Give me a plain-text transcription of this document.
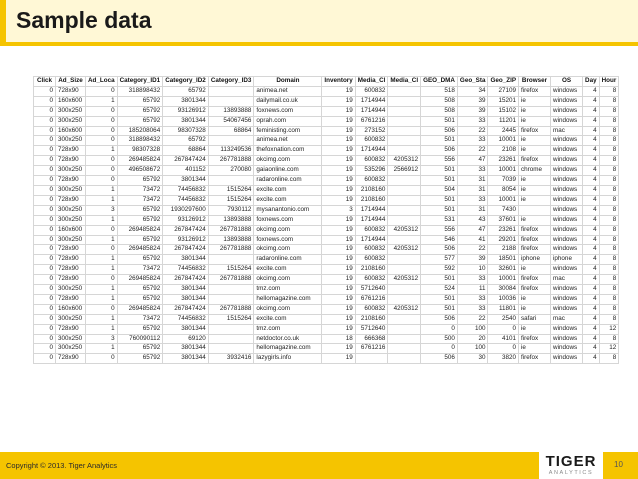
Sample data
Click	Ad_Size	Ad_Loca	Category_ID1	Category_ID2	Category_ID3	Domain	Inventory	Media_Cl	Media_Cl	GEO_DMA	Geo_Sta	Geo_ZIP	Browser	OS	Day	Hour
0	728x90	0	318898432	65792		animea.net	19	600832		518	34	27109	firefox	windows	4	8
0	160x600	1	65792	3801344		dailymail.co.uk	19	1714944		508	39	15201	ie	windows	4	8
0	300x250	0	65792	93126912	13893888	foxnews.com	19	1714944		508	39	15102	ie	windows	4	8
0	300x250	0	65792	3801344	54067456	oprah.com	19	6761216		501	33	11201	ie	windows	4	8
0	160x600	0	185208064	98307328	68864	feministing.com	19	273152		506	22	2445	firefox	mac	4	8
0	300x250	0	318898432	65792		animea.net	19	600832		501	33	10001	ie	windows	4	8
0	728x90	1	98307328	68864	113249536	thefoxnation.com	19	1714944		506	22	2108	ie	windows	4	8
0	728x90	0	269485824	267847424	267781888	okcimg.com	19	600832	4205312	556	47	23261	firefox	windows	4	8
0	300x250	0	496508672	401152	270080	gaiaonline.com	19	535296	2566912	501	33	10001	chrome	windows	4	8
0	728x90	0	65792	3801344		radaronline.com	19	600832		501	31	7039	ie	windows	4	8
0	300x250	1	73472	74456832	1515264	excite.com	19	2108160		504	31	8054	ie	windows	4	8
0	728x90	1	73472	74456832	1515264	excite.com	19	2108160		501	33	10001	ie	windows	4	8
0	300x250	3	65792	1930297600	7930112	mysanantonio.com	3	1714944		501	31	7430		windows	4	8
0	300x250	1	65792	93126912	13893888	foxnews.com	19	1714944		531	43	37601	ie	windows	4	8
0	160x600	0	269485824	267847424	267781888	okcimg.com	19	600832	4205312	556	47	23261	firefox	windows	4	8
0	300x250	1	65792	93126912	13893888	foxnews.com	19	1714944		546	41	29201	firefox	windows	4	8
0	728x90	0	269485824	267847424	267781888	okcimg.com	19	600832	4205312	506	22	2188	firefox	windows	4	8
0	728x90	1	65792	3801344		radaronline.com	19	600832		577	39	18501	iphone	iphone	4	8
0	728x90	1	73472	74456832	1515264	excite.com	19	2108160		592	10	32601	ie	windows	4	8
0	728x90	0	269485824	267847424	267781888	okcimg.com	19	600832	4205312	501	33	10001	firefox	mac	4	8
0	300x250	1	65792	3801344		tmz.com	19	5712640		524	11	30084	firefox	windows	4	8
0	728x90	1	65792	3801344		hellomagazine.com	19	6761216		501	33	10036	ie	windows	4	8
0	160x600	0	269485824	267847424	267781888	okcimg.com	19	600832	4205312	501	33	11801	ie	windows	4	8
0	300x250	1	73472	74456832	1515264	excite.com	19	2108160		506	22	2540	safari	mac	4	8
0	728x90	1	65792	3801344		tmz.com	19	5712640		0	100	0	ie	windows	4	12
0	300x250	3	760090112	69120		netdoctor.co.uk	18	666368		500	20	4101	firefox	windows	4	8
0	300x250	1	65792	3801344		hellomagazine.com	19	6761216		0	100	0	ie	windows	4	12
0	728x90	0	65792	3801344	3932416	lazygirls.info	19			506	30	3820	firefox	windows	4	8
Copyright © 2013. Tiger Analytics	TIGER
ANALYTICS
10
